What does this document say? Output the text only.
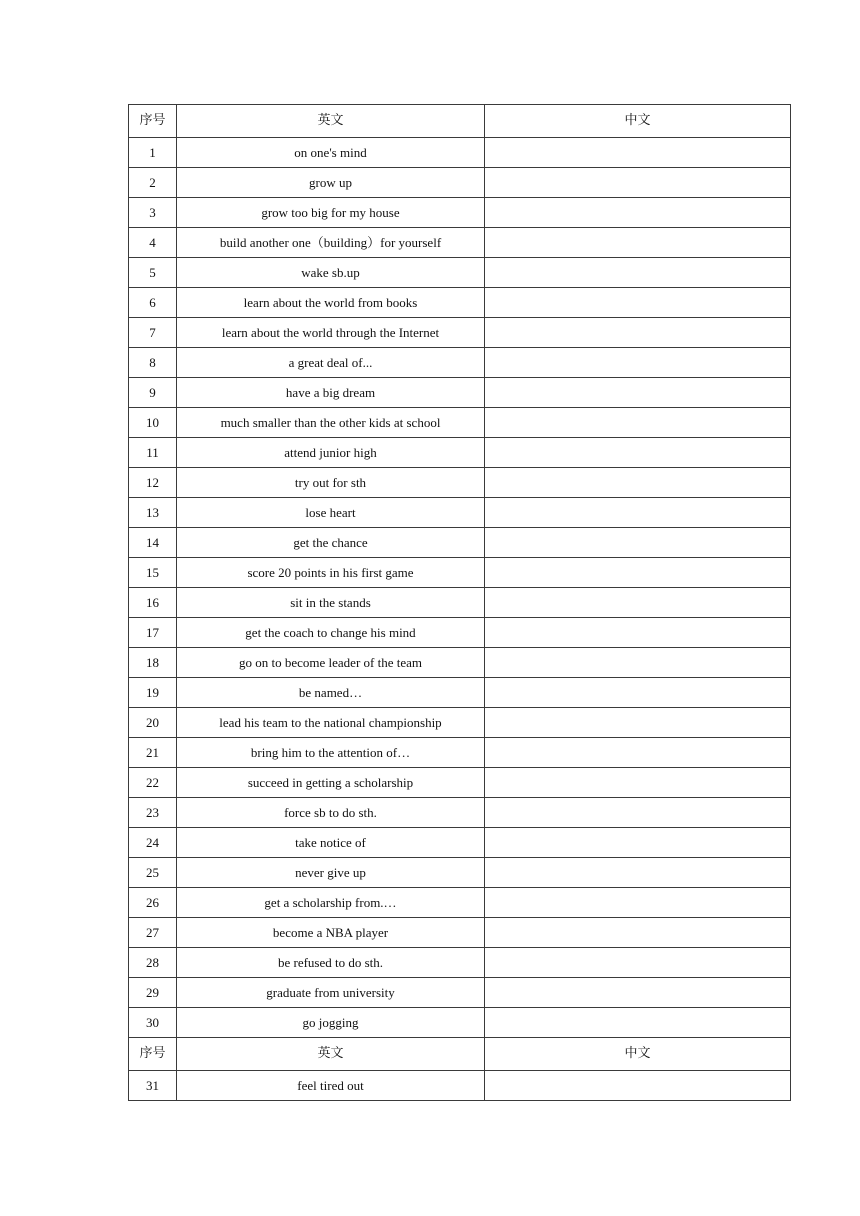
序号	英文	中文
1	on one's mind	
2	grow up	
3	grow too big for my house	
4	build another one（building）for yourself	
5	wake sb.up	
6	learn about the world from books	
7	learn about the world through the Internet	
8	a great deal of...	
9	have a big dream	
10	much smaller than the other kids at school	
11	attend junior high	
12	try out for sth	
13	lose heart	
14	get the chance	
15	score 20 points in his first game	
16	sit in the stands	
17	get the coach to change his mind	
18	go on to become leader of the team	
19	be named…	
20	lead his team to the national championship	
21	bring him to the attention of…	
22	succeed in getting a scholarship	
23	force sb to do sth.	
24	take notice of	
25	never give up	
26	get a scholarship from.…	
27	become a NBA player	
28	be refused to do sth.	
29	graduate from university	
30	go jogging	
序号	英文	中文
31	feel tired out	
